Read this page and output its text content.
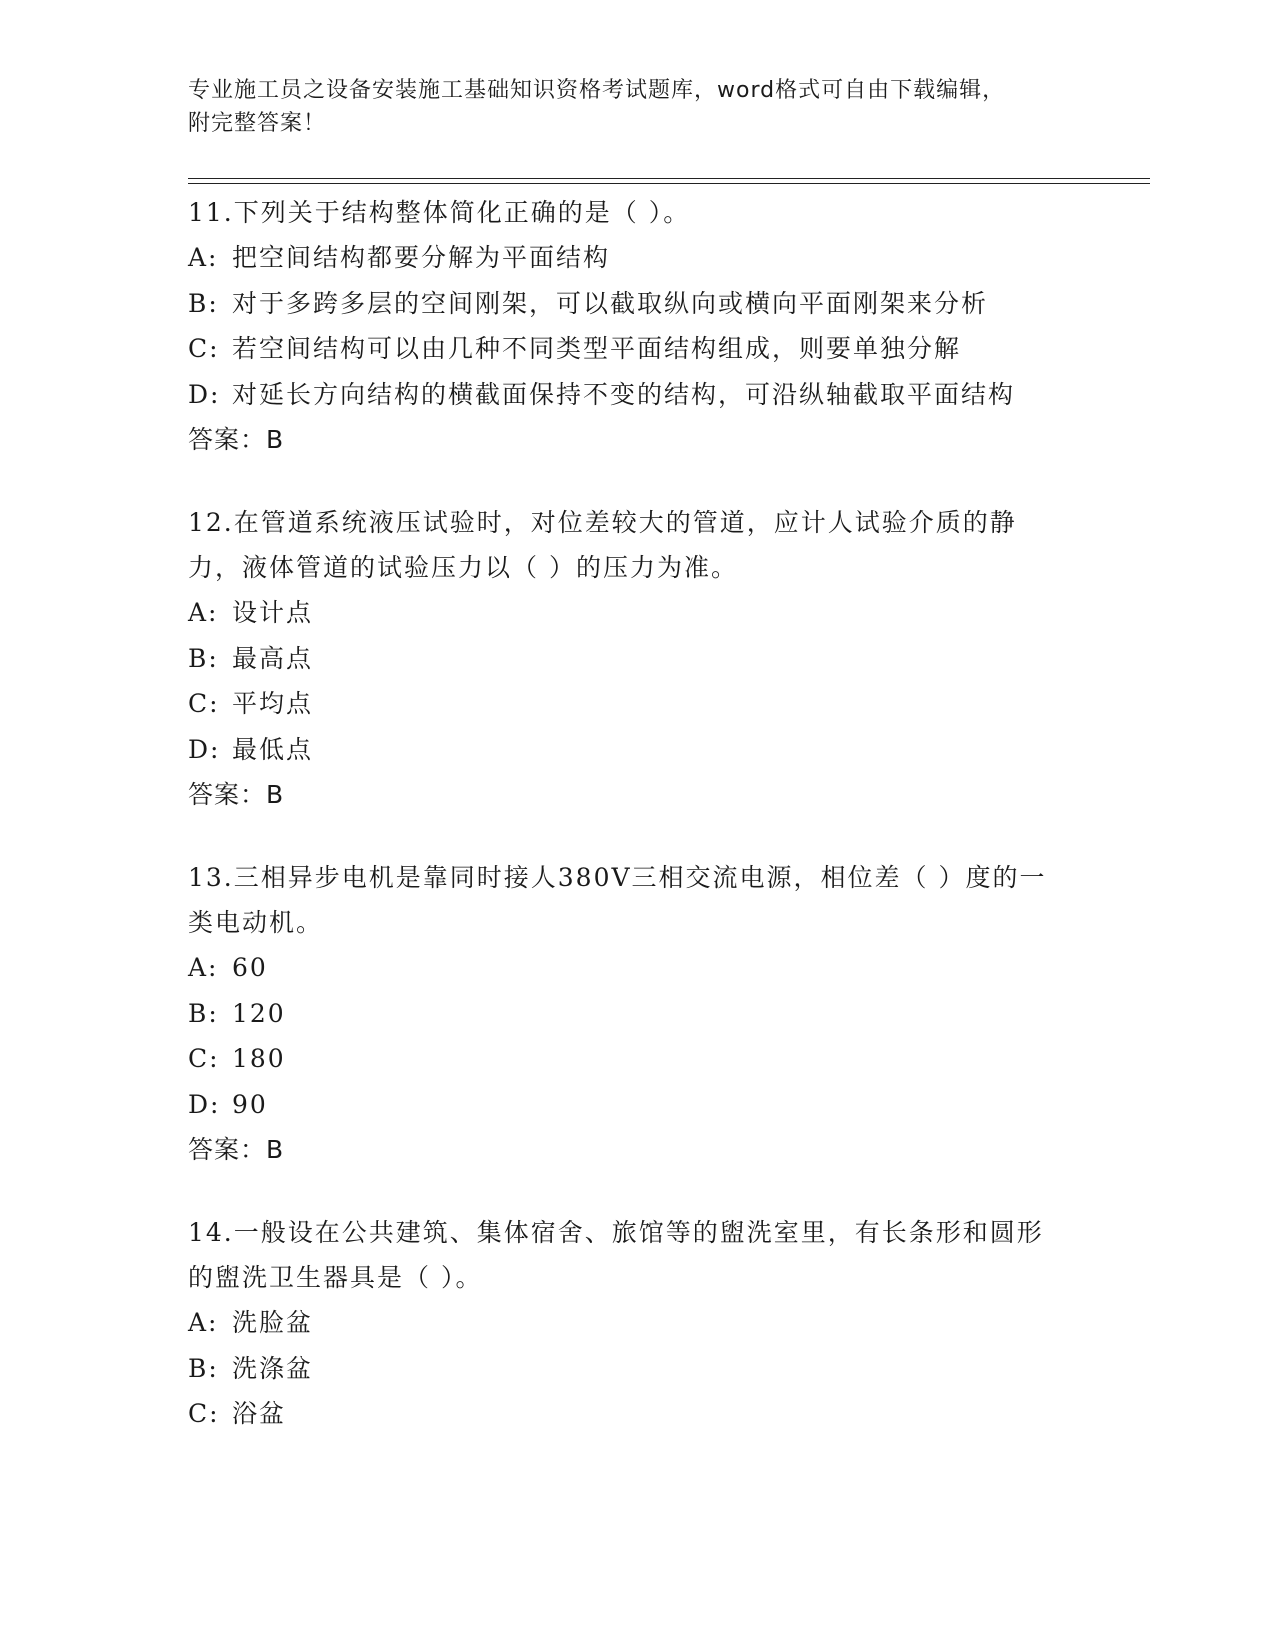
专业施工员之设备安装施工基础知识资格考试题库，word格式可自由下载编辑，
附完整答案！
11.下列关于结构整体简化正确的是（ ）。
A: 把空间结构都要分解为平面结构
B: 对于多跨多层的空间刚架，可以截取纵向或横向平面刚架来分析
C: 若空间结构可以由几种不同类型平面结构组成，则要单独分解
D: 对延长方向结构的横截面保持不变的结构，可沿纵轴截取平面结构
答案：B
12.在管道系统液压试验时，对位差较大的管道，应计人试验介质的静力，液体管道的试验压力以（ ）的压力为准。
A: 设计点
B: 最高点
C: 平均点
D: 最低点
答案：B
13.三相异步电机是靠同时接人380V三相交流电源，相位差（ ）度的一类电动机。
A: 60
B: 120
C: 180
D: 90
答案：B
14.一般设在公共建筑、集体宿舍、旅馆等的盥洗室里，有长条形和圆形的盥洗卫生器具是（ ）。
A: 洗脸盆
B: 洗涤盆
C: 浴盆
